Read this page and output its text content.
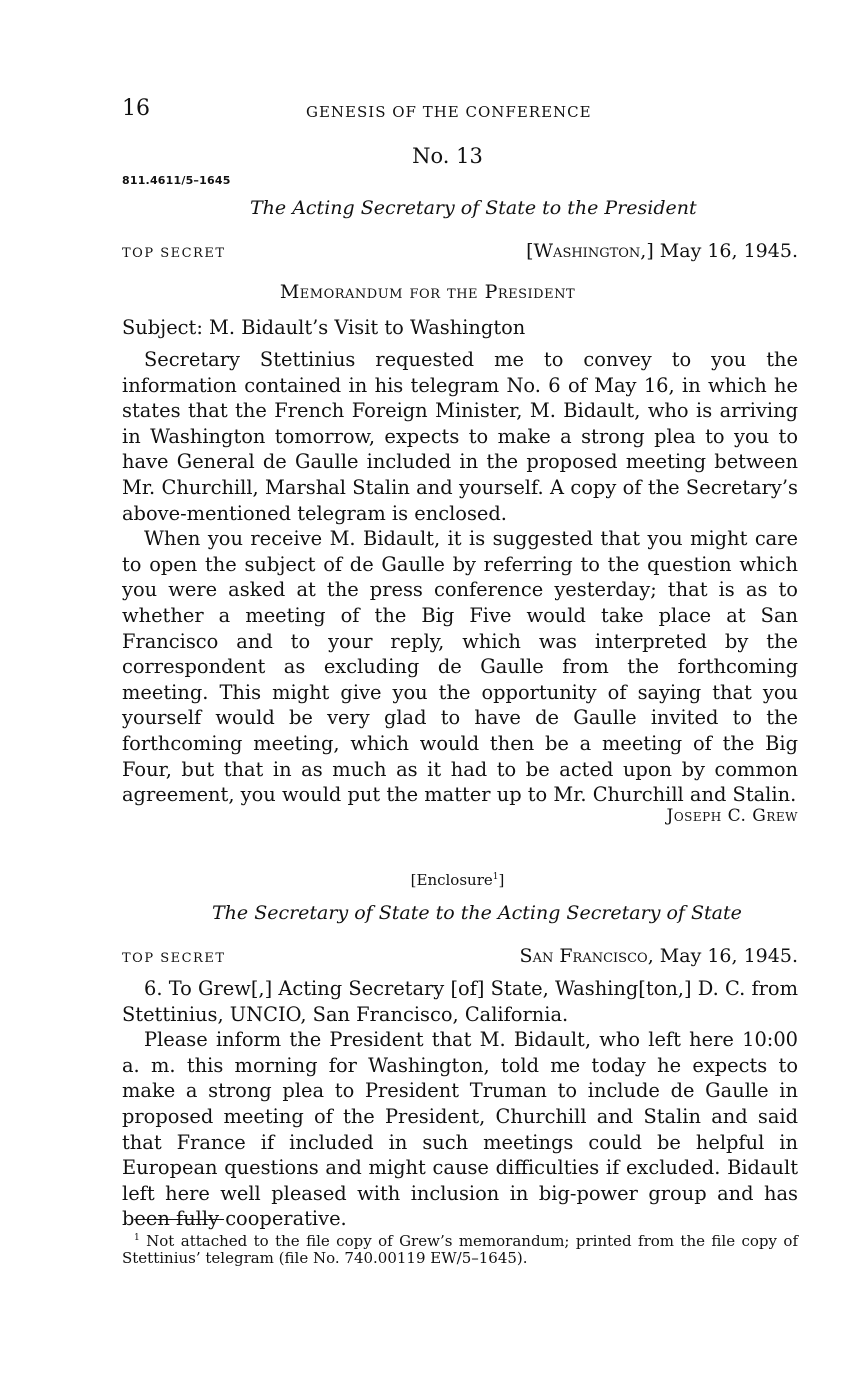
16	GENESIS OF THE CONFERENCE
No. 13
811.4611/5–1645
The Acting Secretary of State to the President
TOP SECRET	[Washington,] May 16, 1945.
Memorandum for the President
Subject: M. Bidault’s Visit to Washington

Secretary Stettinius requested me to convey to you the information contained in his telegram No. 6 of May 16, in which he states that the French Foreign Minister, M. Bidault, who is arriving in Washington tomorrow, expects to make a strong plea to you to have General de Gaulle included in the proposed meeting between Mr. Churchill, Marshal Stalin and yourself. A copy of the Secretary’s above-mentioned telegram is enclosed.

When you receive M. Bidault, it is suggested that you might care to open the subject of de Gaulle by referring to the question which you were asked at the press conference yesterday; that is as to whether a meeting of the Big Five would take place at San Francisco and to your reply, which was interpreted by the correspondent as excluding de Gaulle from the forthcoming meeting. This might give you the opportunity of saying that you yourself would be very glad to have de Gaulle invited to the forthcoming meeting, which would then be a meeting of the Big Four, but that in as much as it had to be acted upon by common agreement, you would put the matter up to Mr. Churchill and Stalin.

Joseph C. Grew
[Enclosure$^1$]
The Secretary of State to the Acting Secretary of State
TOP SECRET	San Francisco, May 16, 1945.

6. To Grew[,] Acting Secretary [of] State, Washing[ton,] D. C. from Stettinius, UNCIO, San Francisco, California.

Please inform the President that M. Bidault, who left here 10:00 a. m. this morning for Washington, told me today he expects to make a strong plea to President Truman to include de Gaulle in proposed meeting of the President, Churchill and Stalin and said that France if included in such meetings could be helpful in European questions and might cause difficulties if excluded. Bidault left here well pleased with inclusion in big-power group and has been fully cooperative.

$^1$ Not attached to the file copy of Grew’s memorandum; printed from the file copy of Stettinius’ telegram (file No. 740.00119 EW/5–1645).
